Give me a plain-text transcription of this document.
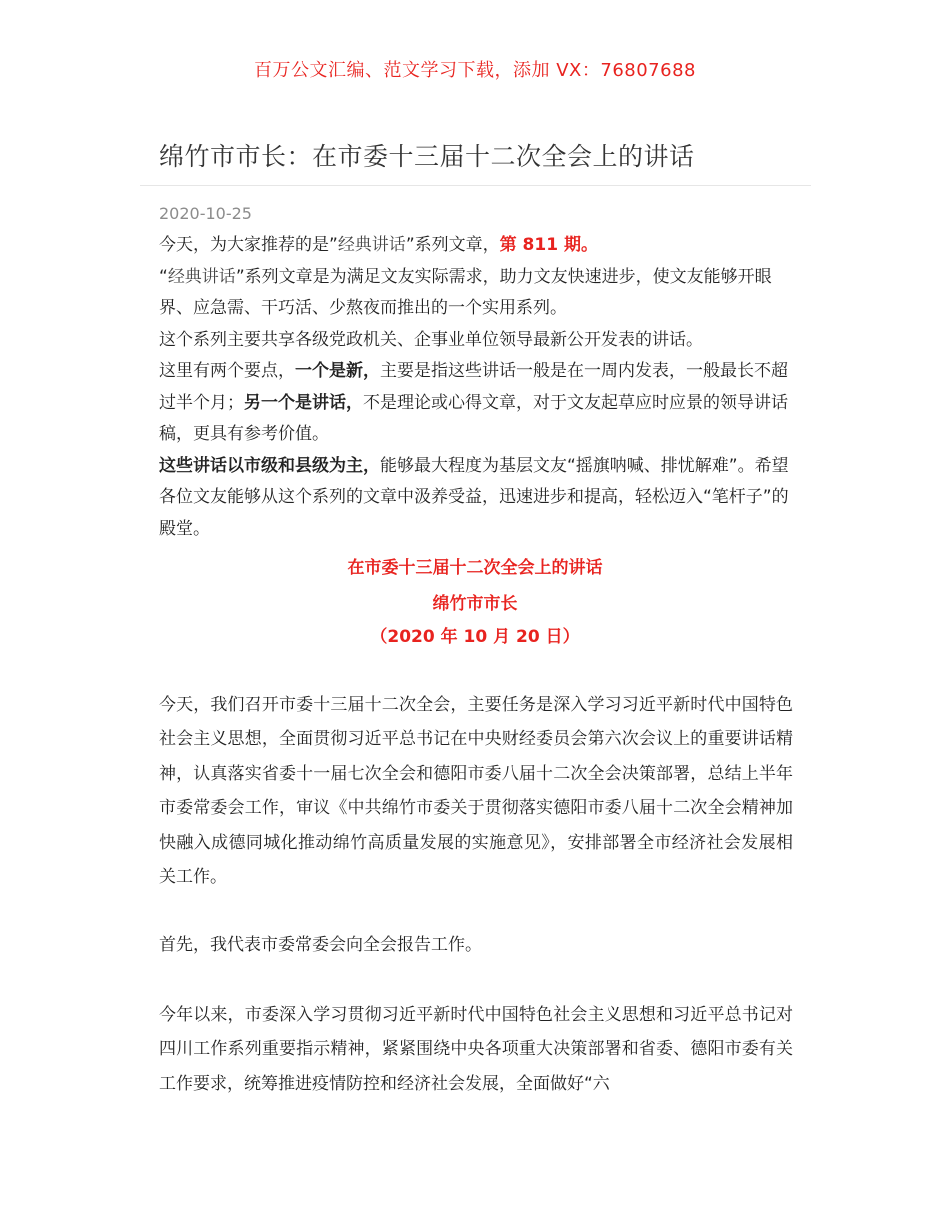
百万公文汇编、范文学习下载，添加 VX：76807688
绵竹市市长：在市委十三届十二次全会上的讲话
2020-10-25

今天，为大家推荐的是”经典讲话”系列文章，第 811 期。

“经典讲话”系列文章是为满足文友实际需求，助力文友快速进步，使文友能够开眼界、应急需、干巧活、少熬夜而推出的一个实用系列。

这个系列主要共享各级党政机关、企事业单位领导最新公开发表的讲话。

这里有两个要点，一个是新，主要是指这些讲话一般是在一周内发表，一般最长不超过半个月；另一个是讲话，不是理论或心得文章，对于文友起草应时应景的领导讲话稿，更具有参考价值。

这些讲话以市级和县级为主，能够最大程度为基层文友“摇旗呐喊、排忧解难”。希望各位文友能够从这个系列的文章中汲养受益，迅速进步和提高，轻松迈入“笔杆子”的殿堂。

在市委十三届十二次全会上的讲话
绵竹市市长
（2020 年 10 月 20 日）

今天，我们召开市委十三届十二次全会，主要任务是深入学习习近平新时代中国特色社会主义思想，全面贯彻习近平总书记在中央财经委员会第六次会议上的重要讲话精神，认真落实省委十一届七次全会和德阳市委八届十二次全会决策部署，总结上半年市委常委会工作，审议《中共绵竹市委关于贯彻落实德阳市委八届十二次全会精神加快融入成德同城化推动绵竹高质量发展的实施意见》，安排部署全市经济社会发展相关工作。

首先，我代表市委常委会向全会报告工作。

今年以来，市委深入学习贯彻习近平新时代中国特色社会主义思想和习近平总书记对四川工作系列重要指示精神，紧紧围绕中央各项重大决策部署和省委、德阳市委有关工作要求，统筹推进疫情防控和经济社会发展，全面做好“六
